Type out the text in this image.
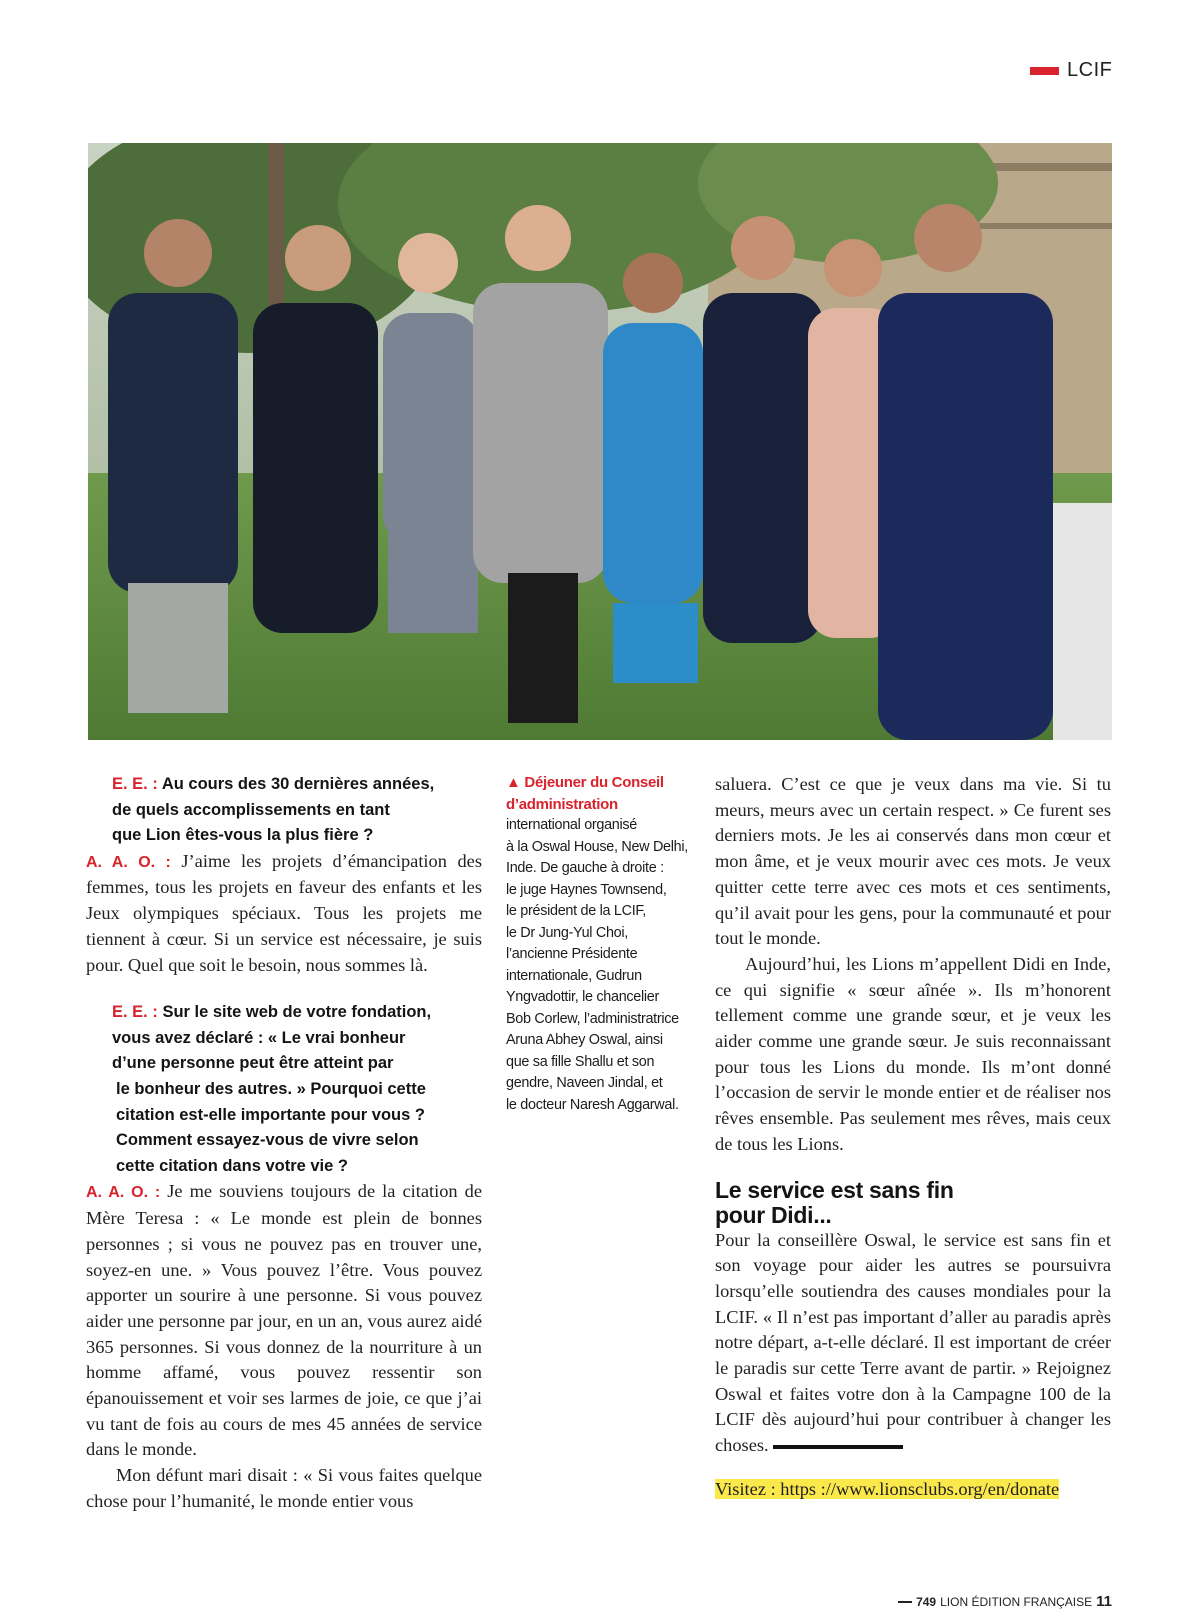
LCIF
E. E. : Au cours des 30 dernières années,
de quels accomplissements en tant
que Lion êtes-vous la plus fière ?

A. A. O. : J’aime les projets d’émancipation des femmes, tous les projets en faveur des enfants et les Jeux olympiques spéciaux. Tous les projets me tiennent à cœur. Si un service est nécessaire, je suis pour. Quel que soit le besoin, nous sommes là.

E. E. : Sur le site web de votre fondation,
vous avez déclaré : « Le vrai bonheur
d’une personne peut être atteint par
le bonheur des autres. » Pourquoi cette
citation est-elle importante pour vous ?
Comment essayez-vous de vivre selon
cette citation dans votre vie ?

A. A. O. : Je me souviens toujours de la citation de Mère Teresa : « Le monde est plein de bonnes personnes ; si vous ne pouvez pas en trouver une, soyez-en une. » Vous pouvez l’être. Vous pouvez apporter un sourire à une personne. Si vous pouvez aider une personne par jour, en un an, vous aurez aidé 365 personnes. Si vous donnez de la nourriture à un homme affamé, vous pouvez ressentir son épanouissement et voir ses larmes de joie, ce que j’ai vu tant de fois au cours de mes 45 années de service dans le monde.

Mon défunt mari disait : « Si vous faites quelque chose pour l’humanité, le monde entier vous

▲ Déjeuner du Conseil
d’administration
international organisé
à la Oswal House, New Delhi,
Inde. De gauche à droite :
le juge Haynes Townsend,
le président de la LCIF,
le Dr Jung-Yul Choi,
l’ancienne Présidente
internationale, Gudrun
Yngvadottir, le chancelier
Bob Corlew, l’administratrice
Aruna Abhey Oswal, ainsi
que sa fille Shallu et son
gendre, Naveen Jindal, et
le docteur Naresh Aggarwal.

saluera. C’est ce que je veux dans ma vie. Si tu meurs, meurs avec un certain respect. » Ce furent ses derniers mots. Je les ai conservés dans mon cœur et mon âme, et je veux mourir avec ces mots. Je veux quitter cette terre avec ces mots et ces sentiments, qu’il avait pour les gens, pour la communauté et pour tout le monde.

Aujourd’hui, les Lions m’appellent Didi en Inde, ce qui signifie « sœur aînée ». Ils m’honorent tellement comme une grande sœur, et je veux les aider comme une grande sœur. Je suis reconnaissant pour tous les Lions du monde. Ils m’ont donné l’occasion de servir le monde entier et de réaliser nos rêves ensemble. Pas seulement mes rêves, mais ceux de tous les Lions.

Le service est sans fin
pour Didi...

Pour la conseillère Oswal, le service est sans fin et son voyage pour aider les autres se poursuivra lorsqu’elle soutiendra des causes mondiales pour la LCIF. « Il n’est pas important d’aller au paradis après notre départ, a-t-elle déclaré. Il est important de créer le paradis sur cette Terre avant de partir. » Rejoignez Oswal et faites votre don à la Campagne 100 de la LCIF dès aujourd’hui pour contribuer à changer les choses.

Visitez : https ://www.lionsclubs.org/en/donate

749 LION ÉDITION FRANÇAISE 11
